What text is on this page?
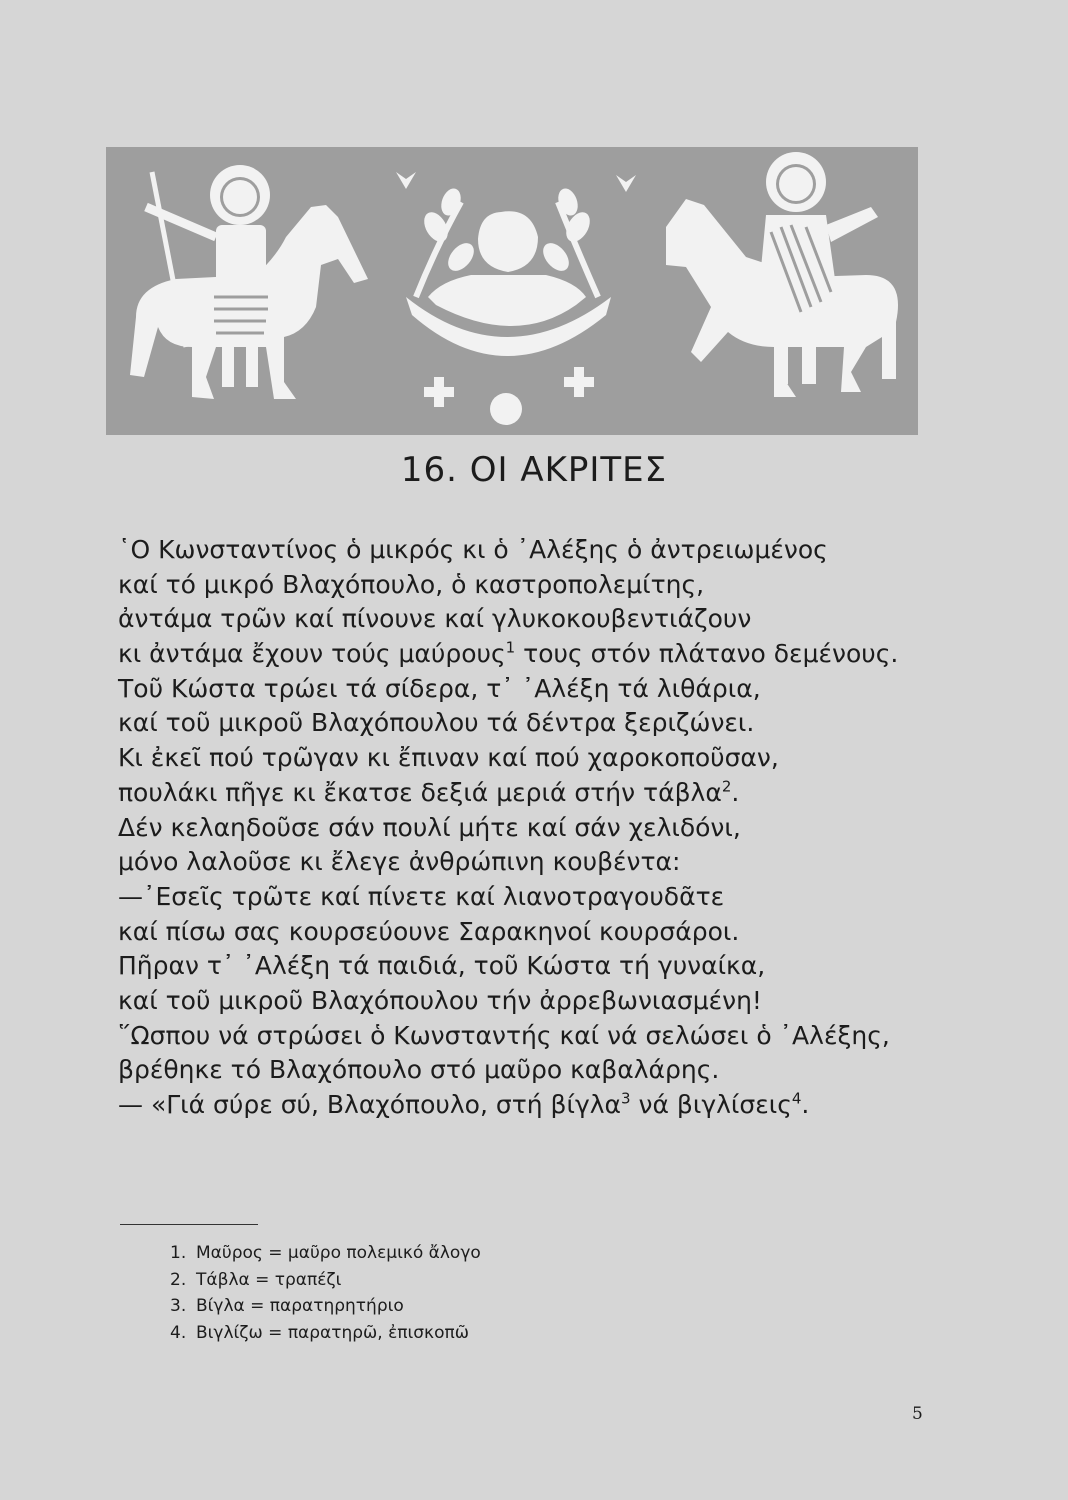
16. ΟΙ ΑΚΡΙΤΕΣ
῾Ο Κωνσταντίνος ὁ μικρός κι ὁ ᾿Αλέξης ὁ ἀντρειωμένος
καί τό μικρό Βλαχόπουλο, ὁ καστροπολεμίτης,
ἀντάμα τρῶν καί πίνουνε καί γλυκοκουβεντιάζουν
κι ἀντάμα ἔχουν τούς μαύρους$^1$ τους στόν πλάτανο δεμένους.
Τοῦ Κώστα τρώει τά σίδερα, τ᾿ ᾿Αλέξη τά λιθάρια,
καί τοῦ μικροῦ Βλαχόπουλου τά δέντρα ξεριζώνει.
Κι ἐκεῖ πού τρῶγαν κι ἔπιναν καί πού χαροκοποῦσαν,
πουλάκι πῆγε κι ἔκατσε δεξιά μεριά στήν τάβλα$^2$.
Δέν κελαηδοῦσε σάν πουλί μήτε καί σάν χελιδόνι,
μόνο λαλοῦσε κι ἔλεγε ἀνθρώπινη κουβέντα:
—᾿Εσεῖς τρῶτε καί πίνετε καί λιανοτραγουδᾶτε
καί πίσω σας κουρσεύουνε Σαρακηνοί κουρσάροι.
Πῆραν τ᾿ ᾿Αλέξη τά παιδιά, τοῦ Κώστα τή γυναίκα,
καί τοῦ μικροῦ Βλαχόπουλου τήν ἀρρεβωνιασμένη!
῞Ωσπου νά στρώσει ὁ Κωνσταντής καί νά σελώσει ὁ ᾿Αλέξης,
βρέθηκε τό Βλαχόπουλο στό μαῦρο καβαλάρης.
— «Γιά σύρε σύ, Βλαχόπουλο, στή βίγλα$^3$ νά βιγλίσεις$^4$.
1. Μαῦρος = μαῦρο πολεμικό ἄλογο
2. Τάβλα = τραπέζι
3. Βίγλα = παρατηρητήριο
4. Βιγλίζω = παρατηρῶ, ἐπισκοπῶ
5
